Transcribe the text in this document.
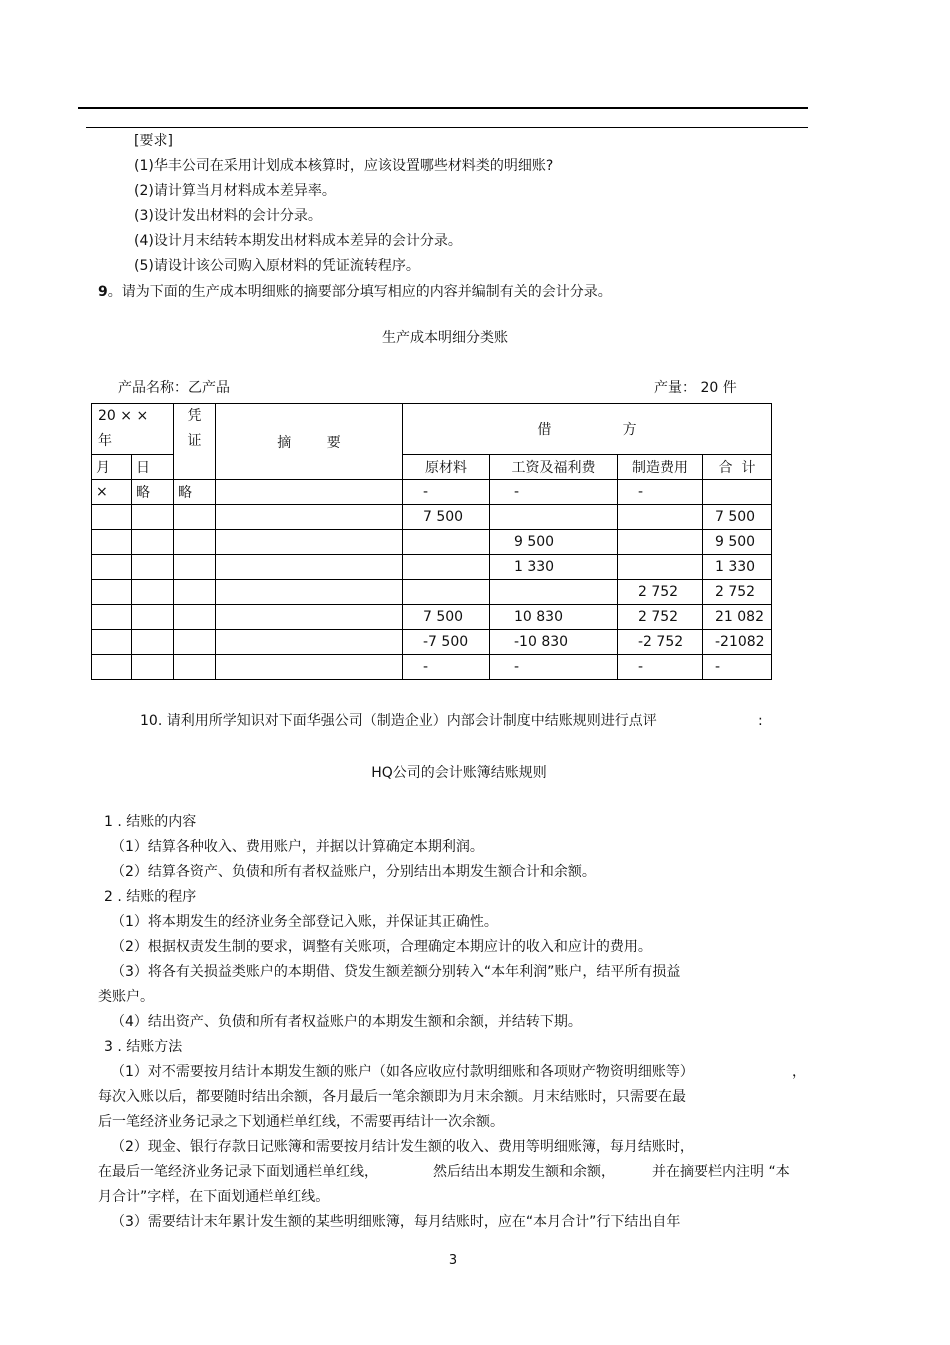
[要求]
(1)华丰公司在采用计划成本核算时，应该设置哪些材料类的明细账?
(2)请计算当月材料成本差异率。
(3)设计发出材料的会计分录。
(4)设计月末结转本期发出材料成本差异的会计分录。
(5)请设计该公司购入原材料的凭证流转程序。
9。请为下面的生产成本明细账的摘要部分填写相应的内容并编制有关的会计分录。
生产成本明细分类账
产品名称：乙产品	产量： 20 件
20 × ×
年		凭
证	摘        要	借                方			
月	日			原材料	工资及福利费	制造费用	合  计
×	略	略		-	-	-	
				7 500			7 500
					9 500		9 500
					1 330		1 330
						2 752	2 752
				7 500	10 830	2 752	21 082
				-7 500	-10 830	-2 752	-21082
				-	-	-	-
10. 请利用所学知识对下面华强公司（制造企业）内部会计制度中结账规则进行点评	:
HQ公司的会计账簿结账规则
1 . 结账的内容
（1）结算各种收入、费用账户，并据以计算确定本期利润。
（2）结算各资产、负债和所有者权益账户，分别结出本期发生额合计和余额。
2 . 结账的程序
（1）将本期发生的经济业务全部登记入账，并保证其正确性。
（2）根据权责发生制的要求，调整有关账项，合理确定本期应计的收入和应计的费用。
（3）将各有关损益类账户的本期借、贷发生额差额分别转入“本年利润”账户，结平所有损益
类账户。
（4）结出资产、负债和所有者权益账户的本期发生额和余额，并结转下期。
3 . 结账方法
（1）对不需要按月结计本期发生额的账户（如各应收应付款明细账和各项财产物资明细账等）	，
每次入账以后，都要随时结出余额，各月最后一笔余额即为月末余额。月末结账时，只需要在最
后一笔经济业务记录之下划通栏单红线，不需要再结计一次余额。
（2）现金、银行存款日记账簿和需要按月结计发生额的收入、费用等明细账簿，每月结账时，
在最后一笔经济业务记录下面划通栏单红线，	然后结出本期发生额和余额，	并在摘要栏内注明 “本
月合计”字样，在下面划通栏单红线。
（3）需要结计末年累计发生额的某些明细账簿，每月结账时，应在“本月合计”行下结出自年
3
